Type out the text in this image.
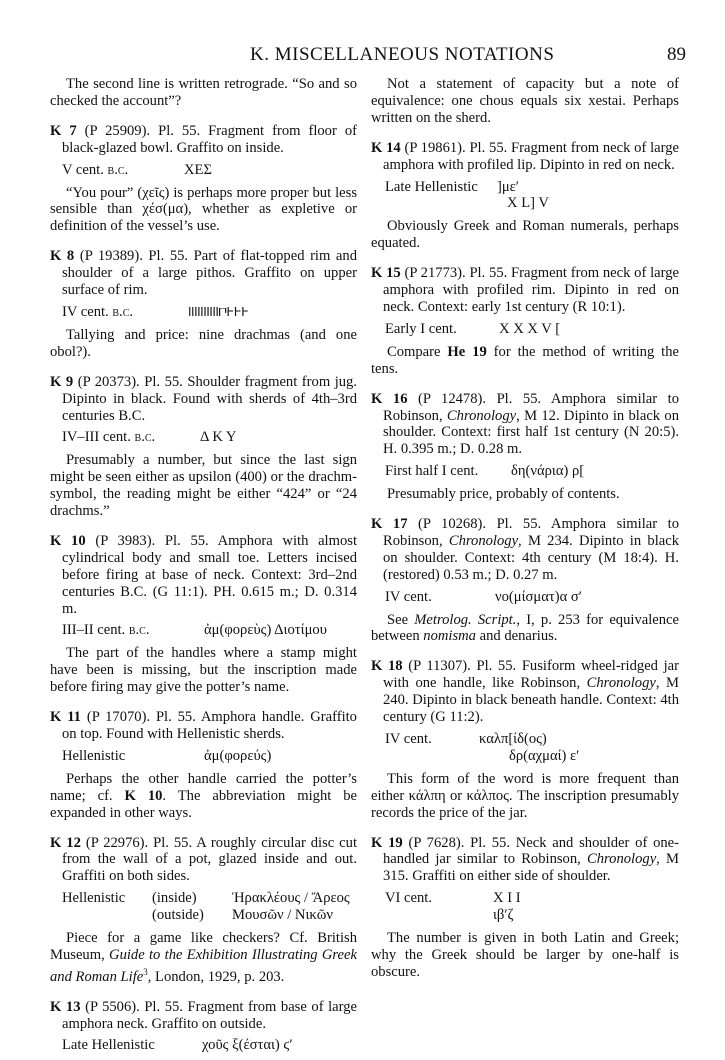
K. MISCELLANEOUS NOTATIONS	89

The second line is written retrograde. “So and so checked the account”?

K 7 (P 25909). Pl. 55. Fragment from floor of black-glazed bowl. Graffito on inside.

V cent. b.c.	ΧΕΣ

“You pour” (χεῖς) is perhaps more proper but less sensible than χέσ(μα), whether as expletive or definition of the vessel’s use.

K 8 (P 19389). Pl. 55. Part of flat-topped rim and shoulder of a large pithos. Graffito on upper surface of rim.

IV cent. b.c.	IIIIIIIIII𐅃ͰͰͰ

Tallying and price: nine drachmas (and one obol?).

K 9 (P 20373). Pl. 55. Shoulder fragment from jug. Dipinto in black. Found with sherds of 4th–3rd centuries B.C.

IV–III cent. b.c.	ΔΚΥ

Presumably a number, but since the last sign might be seen either as upsilon (400) or the drachm-symbol, the reading might be either “424” or “24 drachms.”

K 10 (P 3983). Pl. 55. Amphora with almost cylindrical body and small toe. Letters incised before firing at base of neck. Context: 3rd–2nd centuries B.C. (G 11:1). PH. 0.615 m.; D. 0.314 m.

III–II cent. b.c.	ἀμ(φορεὺς) Διοτίμου

The part of the handles where a stamp might have been is missing, but the inscription made before firing may give the potter’s name.

K 11 (P 17070). Pl. 55. Amphora handle. Graffito on top. Found with Hellenistic sherds.

Hellenistic	ἀμ(φορεύς)

Perhaps the other handle carried the potter’s name; cf. K 10. The abbreviation might be expanded in other ways.

K 12 (P 22976). Pl. 55. A roughly circular disc cut from the wall of a pot, glazed inside and out. Graffiti on both sides.

Hellenistic	(inside)	Ἡρακλέους / Ἄρεος
(outside)	Μουσῶν / Νικῶν

Piece for a game like checkers? Cf. British Museum, Guide to the Exhibition Illustrating Greek and Roman Life$^3$, London, 1929, p. 203.

K 13 (P 5506). Pl. 55. Fragment from base of large amphora neck. Graffito on outside.

Late Hellenistic	χοῦς ξ(έσται) ϛ′

Not a statement of capacity but a note of equivalence: one chous equals six xestai. Perhaps written on the sherd.

K 14 (P 19861). Pl. 55. Fragment from neck of large amphora with profiled lip. Dipinto in red on neck.

Late Hellenistic	]με′
X L] V

Obviously Greek and Roman numerals, perhaps equated.

K 15 (P 21773). Pl. 55. Fragment from neck of large amphora with profiled rim. Dipinto in red on neck. Context: early 1st century (R 10:1).

Early I cent.	X X X V [

Compare He 19 for the method of writing the tens.

K 16 (P 12478). Pl. 55. Amphora similar to Robinson, Chronology, M 12. Dipinto in black on shoulder. Context: first half 1st century (N 20:5). H. 0.395 m.; D. 0.28 m.

First half I cent.	δη(νάρια) ρ[

Presumably price, probably of contents.

K 17 (P 10268). Pl. 55. Amphora similar to Robinson, Chronology, M 234. Dipinto in black on shoulder. Context: 4th century (M 18:4). H. (restored) 0.53 m.; D. 0.27 m.

IV cent.	νο(μίσματ)α σ′

See Metrolog. Script., I, p. 253 for equivalence between nomisma and denarius.

K 18 (P 11307). Pl. 55. Fusiform wheel-ridged jar with one handle, like Robinson, Chronology, M 240. Dipinto in black beneath handle. Context: 4th century (G 11:2).

IV cent.	καλπ[ίδ(ος)
δρ(αχμαί) ε′

This form of the word is more frequent than either κάλπη or κάλπος. The inscription presumably records the price of the jar.

K 19 (P 7628). Pl. 55. Neck and shoulder of one-handled jar similar to Robinson, Chronology, M 315. Graffiti on either side of shoulder.

VI cent.	X I I
ιβ′ζ

The number is given in both Latin and Greek; why the Greek should be larger by one-half is obscure.
